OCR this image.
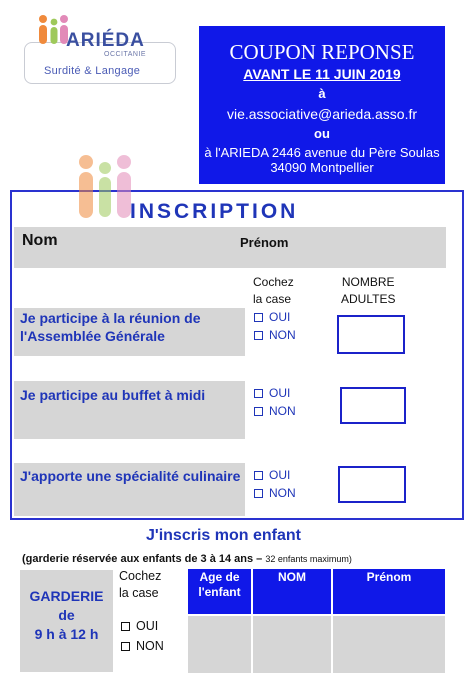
ARIÉDA
OCCITANIE
Surdité & Langage
COUPON REPONSE
AVANT LE 11 JUIN 2019
à
vie.associative@arieda.asso.fr
ou
à l'ARIEDA 2446 avenue du Père Soulas 34090 Montpellier
INSCRIPTION
Nom	Prénom
Cochez
la case
NOMBRE
ADULTES
Je participe à la réunion de l'Assemblée Générale
OUI
NON
Je participe au buffet à midi	OUI
NON
J'apporte une spécialité culinaire	OUI
NON
J'inscris mon enfant
(garderie réservée aux enfants de 3 à 14 ans – 32 enfants maximum)
GARDERIE
de
9 h à 12 h
Cochez
la case
OUI
NON
Age de l'enfant
NOM	Prénom
